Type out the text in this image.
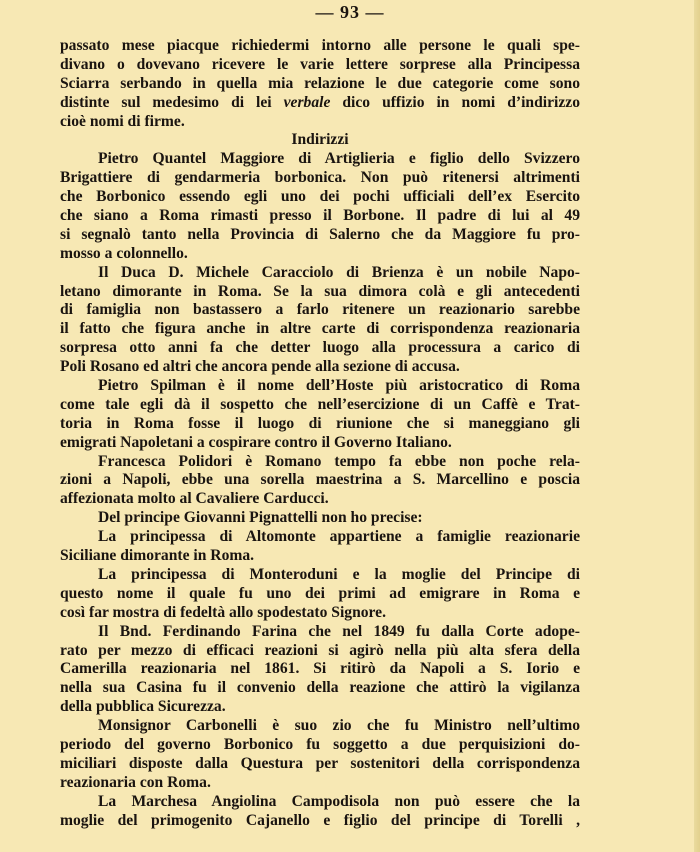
— 93 —
passato mese piacque richiedermi intorno alle persone le quali spe-
divano o dovevano ricevere le varie lettere sorprese alla Principessa
Sciarra serbando in quella mia relazione le due categorie come sono
distinte sul medesimo di lei verbale dico uffizio in nomi d’indirizzo
cioè nomi di firme.
Indirizzi
Pietro Quantel Maggiore di Artiglieria e figlio dello Svizzero
Brigattiere di gendarmeria borbonica. Non può ritenersi altrimenti
che Borbonico essendo egli uno dei pochi ufficiali dell’ex Esercito
che siano a Roma rimasti presso il Borbone. Il padre di lui al 49
si segnalò tanto nella Provincia di Salerno che da Maggiore fu pro-
mosso a colonnello.
Il Duca D. Michele Caracciolo di Brienza è un nobile Napo-
letano dimorante in Roma. Se la sua dimora colà e gli antecedenti
di famiglia non bastassero a farlo ritenere un reazionario sarebbe
il fatto che figura anche in altre carte di corrispondenza reazionaria
sorpresa otto anni fa che detter luogo alla processura a carico di
Poli Rosano ed altri che ancora pende alla sezione di accusa.
Pietro Spilman è il nome dell’Hoste più aristocratico di Roma
come tale egli dà il sospetto che nell’esercizione di un Caffè e Trat-
toria in Roma fosse il luogo di riunione che si maneggiano gli
emigrati Napoletani a cospirare contro il Governo Italiano.
Francesca Polidori è Romano tempo fa ebbe non poche rela-
zioni a Napoli, ebbe una sorella maestrina a S. Marcellino e poscia
affezionata molto al Cavaliere Carducci.
Del principe Giovanni Pignattelli non ho precise:
La principessa di Altomonte appartiene a famiglie reazionarie
Siciliane dimorante in Roma.
La principessa di Monteroduni e la moglie del Principe di
questo nome il quale fu uno dei primi ad emigrare in Roma e
così far mostra di fedeltà allo spodestato Signore.
Il Bnd. Ferdinando Farina che nel 1849 fu dalla Corte adope-
rato per mezzo di efficaci reazioni si agirò nella più alta sfera della
Camerilla reazionaria nel 1861. Si ritirò da Napoli a S. Iorio e
nella sua Casina fu il convenio della reazione che attirò la vigilanza
della pubblica Sicurezza.
Monsignor Carbonelli è suo zio che fu Ministro nell’ultimo
periodo del governo Borbonico fu soggetto a due perquisizioni do-
miciliari disposte dalla Questura per sostenitori della corrispondenza
reazionaria con Roma.
La Marchesa Angiolina Campodisola non può essere che la
moglie del primogenito Cajanello e figlio del principe di Torelli ,
